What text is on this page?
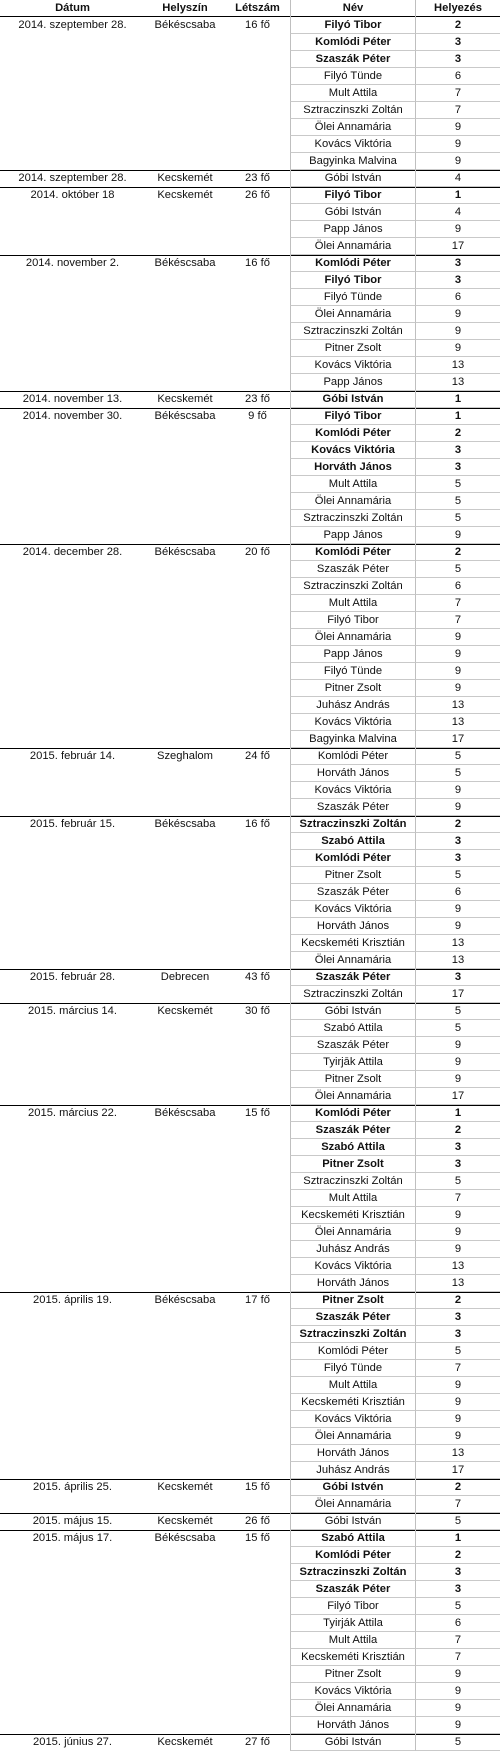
Dátum	Helyszín	Létszám	Név	Helyezés
2014. szeptember 28.	Békéscsaba	16 fő	Filyó Tibor	2
Komlódi Péter	3
Szaszák Péter	3
Filyó Tünde	6
Mult Attila	7
Sztraczinszki Zoltán	7
Ölei Annamária	9
Kovács Viktória	9
Bagyinka Malvina	9
2014. szeptember 28.	Kecskemét	23 fő	Góbi István	4
2014. október 18	Kecskemét	26 fő	Filyó Tibor	1
Góbi István	4
Papp János	9
Ölei Annamária	17
2014. november 2.	Békéscsaba	16 fő	Komlódi Péter	3
Filyó Tibor	3
Filyó Tünde	6
Ölei Annamária	9
Sztraczinszki Zoltán	9
Pitner Zsolt	9
Kovács Viktória	13
Papp János	13
2014. november 13.	Kecskemét	23 fő	Góbi István	1
2014. november 30.	Békéscsaba	9 fő	Filyó Tibor	1
Komlódi Péter	2
Kovács Viktória	3
Horváth János	3
Mult Attila	5
Ölei Annamária	5
Sztraczinszki Zoltán	5
Papp János	9
2014. december 28.	Békéscsaba	20 fő	Komlódi Péter	2
Szaszák Péter	5
Sztraczinszki Zoltán	6
Mult Attila	7
Filyó Tibor	7
Ölei Annamária	9
Papp János	9
Filyó Tünde	9
Pitner Zsolt	9
Juhász András	13
Kovács Viktória	13
Bagyinka Malvina	17
2015. február 14.	Szeghalom	24 fő	Komlódi Péter	5
Horváth János	5
Kovács Viktória	9
Szaszák Péter	9
2015. február 15.	Békéscsaba	16 fő	Sztraczinszki Zoltán	2
Szabó Attila	3
Komlódi Péter	3
Pitner Zsolt	5
Szaszák Péter	6
Kovács Viktória	9
Horváth János	9
Kecskeméti Krisztián	13
Ölei Annamária	13
2015. február 28.	Debrecen	43 fő	Szaszák Péter	3
Sztraczinszki Zoltán	17
2015. március 14.	Kecskemét	30 fő	Góbi István	5
Szabó Attila	5
Szaszák Péter	9
Tyirjāk Attila	9
Pitner Zsolt	9
Ölei Annamária	17
2015. március 22.	Békéscsaba	15 fő	Komlódi Péter	1
Szaszák Péter	2
Szabó Attila	3
Pitner Zsolt	3
Sztraczinszki Zoltán	5
Mult Attila	7
Kecskeméti Krisztián	9
Ölei Annamária	9
Juhász András	9
Kovács Viktória	13
Horváth János	13
2015. április 19.	Békéscsaba	17 fő	Pitner Zsolt	2
Szaszák Péter	3
Sztraczinszki Zoltán	3
Komlódi Péter	5
Filyó Tünde	7
Mult Attila	9
Kecskeméti Krisztián	9
Kovács Viktória	9
Ölei Annamária	9
Horváth János	13
Juhász András	17
2015. április 25.	Kecskemét	15 fő	Góbi Istvén	2
Ölei Annamária	7
2015. május 15.	Kecskemét	26 fő	Góbi István	5
2015. május 17.	Békéscsaba	15 fő	Szabó Attila	1
Komlódi Péter	2
Sztraczinszki Zoltán	3
Szaszák Péter	3
Filyó Tibor	5
Tyirják Attila	6
Mult Attila	7
Kecskeméti Krisztián	7
Pitner Zsolt	9
Kovács Viktória	9
Ölei Annamária	9
Horváth János	9
2015. június 27.	Kecskemét	27 fő	Góbi István	5
